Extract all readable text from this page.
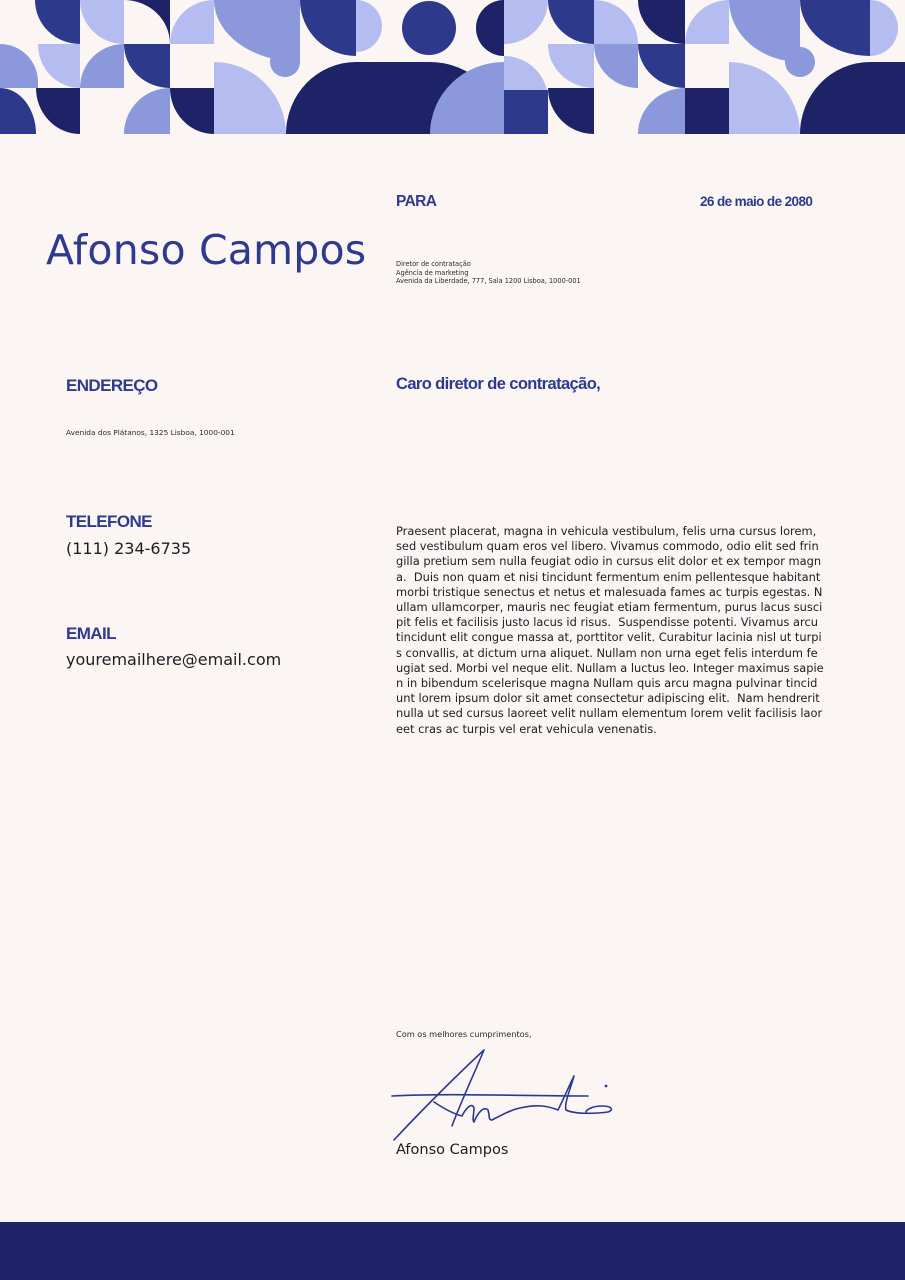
Afonso Campos
PARA	26 de maio de 2080
Diretor de contratação
Agência de marketing
Avenida da Liberdade, 777, Sala 1200 Lisboa, 1000-001
ENDEREÇO
Avenida dos Plátanos, 1325 Lisboa, 1000-001
TELEFONE
(111) 234-6735
EMAIL
youremailhere@email.com
Caro diretor de contratação,
Praesent placerat, magna in vehicula vestibulum, felis urna cursus lorem, sed vestibulum quam eros vel libero. Vivamus commodo, odio elit sed fringilla pretium sem nulla feugiat odio in cursus elit dolor et ex tempor magna.  Duis non quam et nisi tincidunt fermentum enim pellentesque habitant morbi tristique senectus et netus et malesuada fames ac turpis egestas. Nullam ullamcorper, mauris nec feugiat etiam fermentum, purus lacus suscipit felis et facilisis justo lacus id risus.  Suspendisse potenti. Vivamus arcu tincidunt elit congue massa at, porttitor velit. Curabitur lacinia nisl ut turpis convallis, at dictum urna aliquet. Nullam non urna eget felis interdum feugiat sed. Morbi vel neque elit. Nullam a luctus leo. Integer maximus sapien in bibendum scelerisque magna Nullam quis arcu magna pulvinar tincidunt lorem ipsum dolor sit amet consectetur adipiscing elit.  Nam hendrerit nulla ut sed cursus laoreet velit nullam elementum lorem velit facilisis laoreet cras ac turpis vel erat vehicula venenatis.
Com os melhores cumprimentos,
Afonso Campos
